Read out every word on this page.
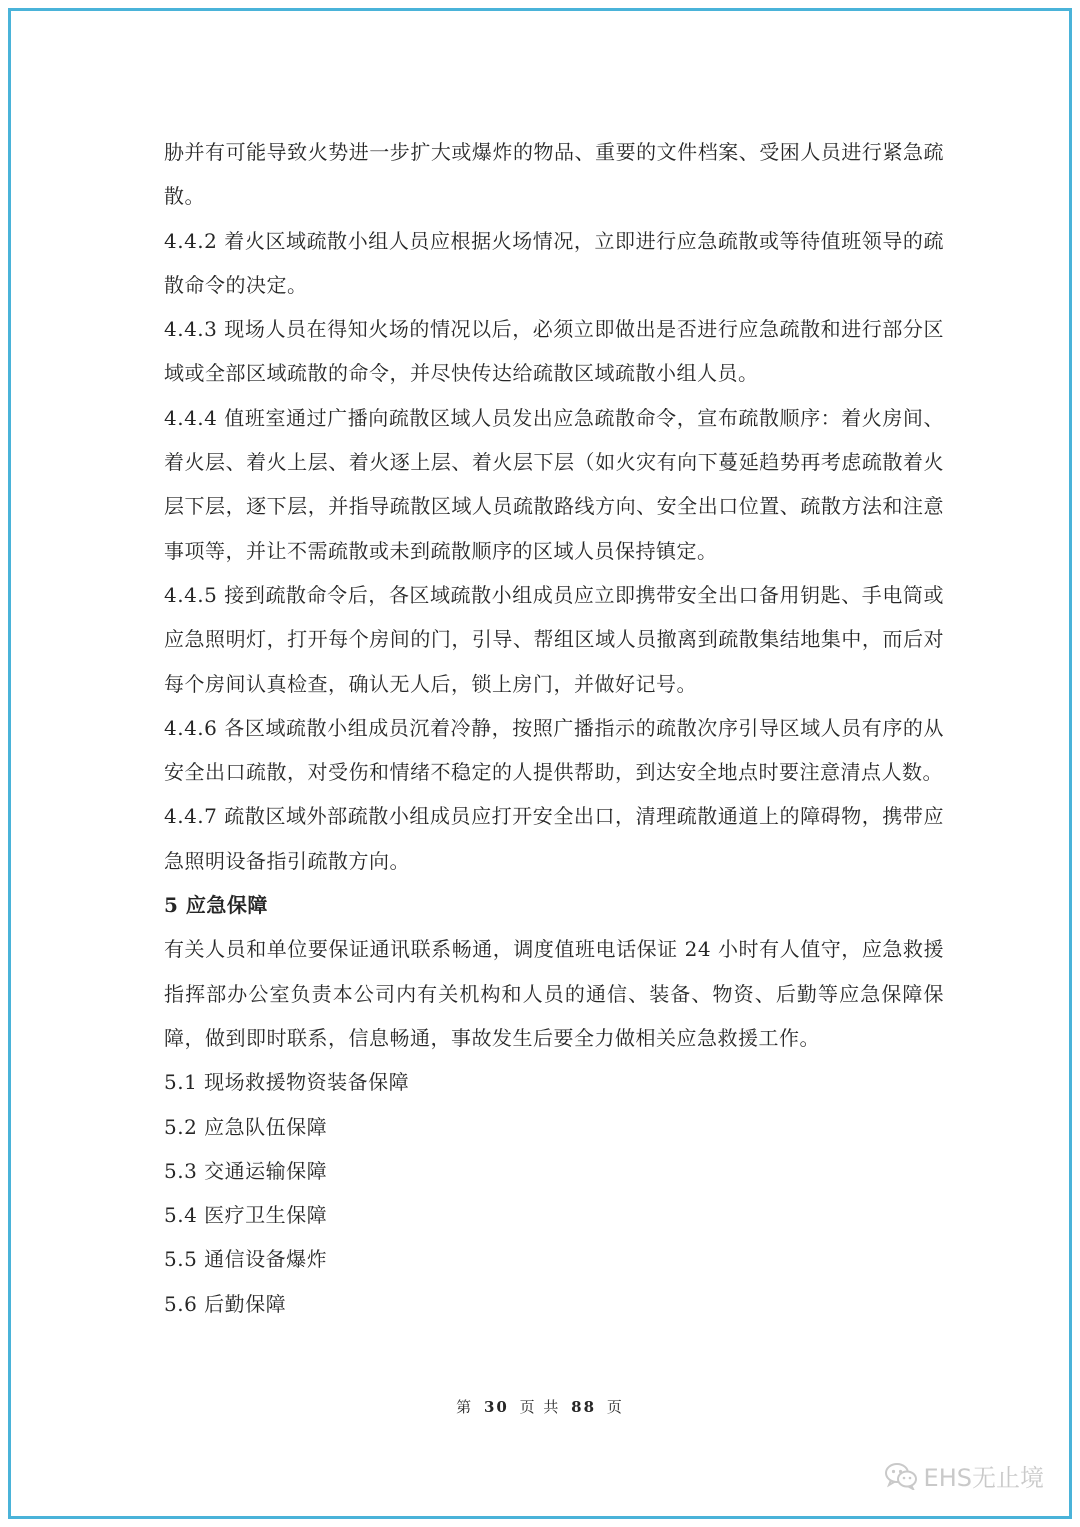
胁并有可能导致火势进一步扩大或爆炸的物品、重要的文件档案、受困人员进行紧急疏散。

4.4.2 着火区域疏散小组人员应根据火场情况，立即进行应急疏散或等待值班领导的疏散命令的决定。

4.4.3 现场人员在得知火场的情况以后，必须立即做出是否进行应急疏散和进行部分区域或全部区域疏散的命令，并尽快传达给疏散区域疏散小组人员。

4.4.4 值班室通过广播向疏散区域人员发出应急疏散命令，宣布疏散顺序：着火房间、着火层、着火上层、着火逐上层、着火层下层（如火灾有向下蔓延趋势再考虑疏散着火层下层，逐下层，并指导疏散区域人员疏散路线方向、安全出口位置、疏散方法和注意事项等，并让不需疏散或未到疏散顺序的区域人员保持镇定。

4.4.5 接到疏散命令后，各区域疏散小组成员应立即携带安全出口备用钥匙、手电筒或应急照明灯，打开每个房间的门，引导、帮组区域人员撤离到疏散集结地集中，而后对每个房间认真检查，确认无人后，锁上房门，并做好记号。

4.4.6 各区域疏散小组成员沉着冷静，按照广播指示的疏散次序引导区域人员有序的从安全出口疏散，对受伤和情绪不稳定的人提供帮助，到达安全地点时要注意清点人数。

4.4.7 疏散区域外部疏散小组成员应打开安全出口，清理疏散通道上的障碍物，携带应急照明设备指引疏散方向。

5 应急保障

有关人员和单位要保证通讯联系畅通，调度值班电话保证 24 小时有人值守，应急救援指挥部办公室负责本公司内有关机构和人员的通信、装备、物资、后勤等应急保障保障，做到即时联系，信息畅通，事故发生后要全力做相关应急救援工作。

5.1 现场救援物资装备保障
5.2 应急队伍保障
5.3 交通运输保障
5.4 医疗卫生保障
5.5 通信设备爆炸
5.6 后勤保障
第 30 页 共 88 页
EHS无止境
